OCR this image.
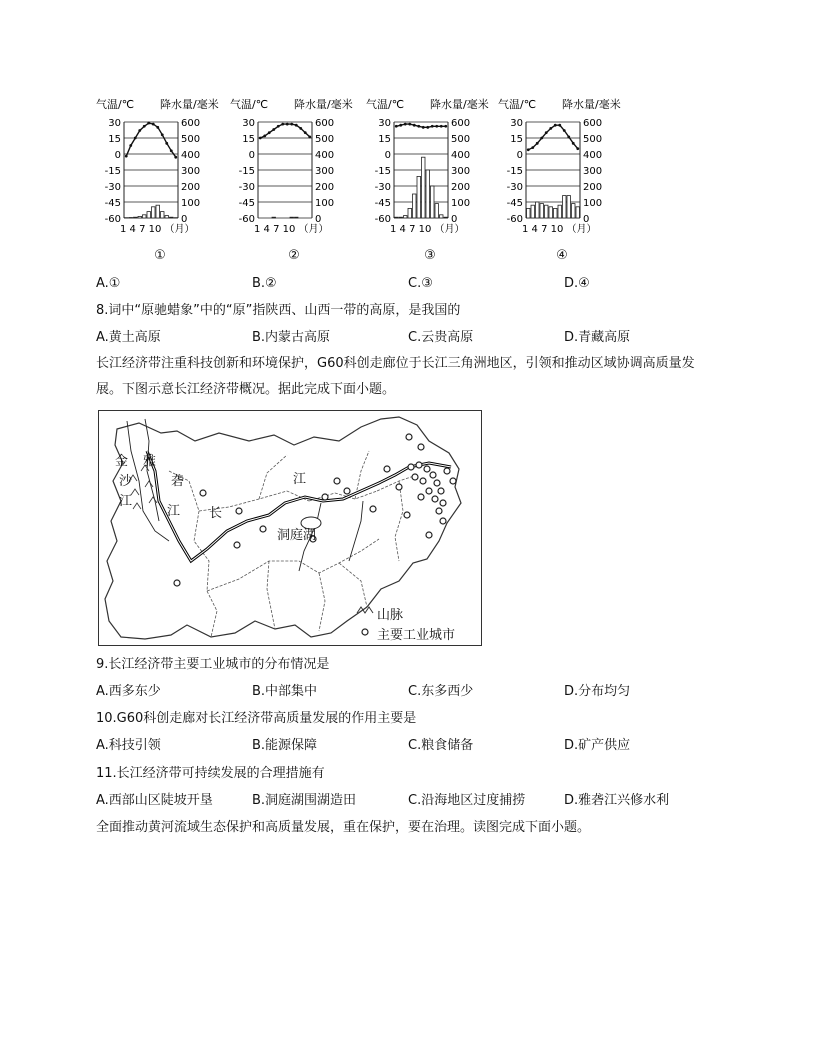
气温/℃ 降水量/毫米
30	600
15	500
0	400
-15	300
-30	200
-45	100
-60	0
1 4 7 10 （月）
①
气温/℃ 降水量/毫米
30	600
15	500
0	400
-15	300
-30	200
-45	100
-60	0
1 4 7 10 （月）
②
气温/℃ 降水量/毫米
30	600
15	500
0	400
-15	300
-30	200
-45	100
-60	0
1 4 7 10 （月）
③
气温/℃ 降水量/毫米
30	600
15	500
0	400
-15	300
-30	200
-45	100
-60	0
1 4 7 10 （月）
④
A.①	B.②	C.③	D.④
8.词中“原驰蜡象”中的“原”指陕西、山西一带的高原，是我国的
A.黄土高原	B.内蒙古高原	C.云贵高原	D.青藏高原
长江经济带注重科技创新和环境保护，G60科创走廊位于长江三角洲地区，引领和推动区域协调高质量发展。下图示意长江经济带概况。据此完成下面小题。
金 雅
沙	砻
江
江 长
江
洞庭湖
山脉
主要工业城市
9.长江经济带主要工业城市的分布情况是
A.西多东少	B.中部集中	C.东多西少	D.分布均匀
10.G60科创走廊对长江经济带高质量发展的作用主要是
A.科技引领	B.能源保障	C.粮食储备	D.矿产供应
11.长江经济带可持续发展的合理措施有
A.西部山区陡坡开垦	B.洞庭湖围湖造田	C.沿海地区过度捕捞	D.雅砻江兴修水利
全面推动黄河流域生态保护和高质量发展，重在保护，要在治理。读图完成下面小题。
